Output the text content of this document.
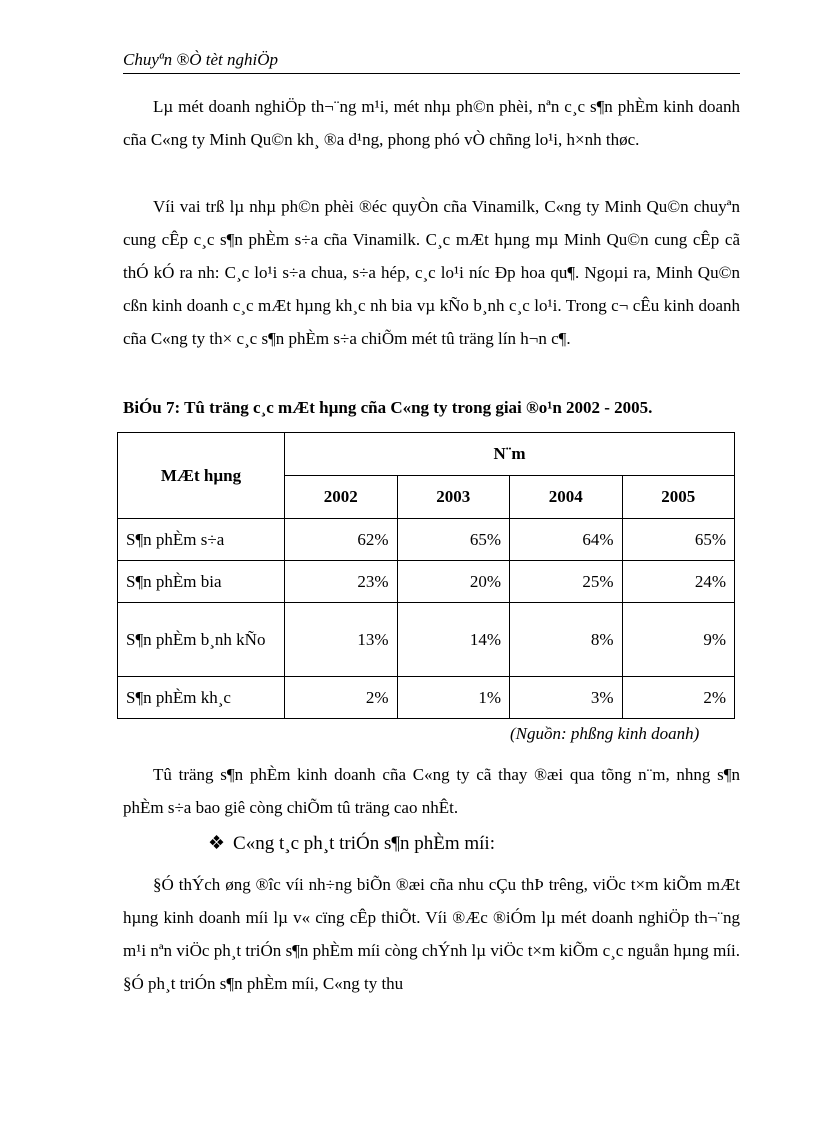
Chuyªn ®Ò tèt nghiÖp

Lµ mét doanh nghiÖp th¬¨ng m¹i, mét nhµ ph©n phèi, nªn c¸c s¶n phÈm kinh doanh cña C«ng ty Minh Qu©n kh¸ ®a d¹ng, phong phó vÒ chñng lo¹i, h×nh thøc.

Víi vai trß lµ nhµ ph©n phèi ®éc quyÒn cña Vinamilk, C«ng ty Minh Qu©n chuyªn cung cÊp c¸c s¶n phÈm s÷a cña Vinamilk. C¸c mÆt hµng mµ Minh Qu©n cung cÊp cã thÓ kÓ ra nh: C¸c lo¹i s÷a chua, s÷a hép, c¸c lo¹i níc Ðp hoa qu¶. Ngoµi ra, Minh Qu©n cßn kinh doanh c¸c mÆt hµng kh¸c nh bia vµ kÑo b¸nh c¸c lo¹i. Trong c¬ cÊu kinh doanh cña C«ng ty th× c¸c s¶n phÈm s÷a chiÕm mét tû träng lín h¬n c¶.

BiÓu 7: Tû träng c¸c mÆt hµng cña C«ng ty trong giai ®o¹n 2002 - 2005.
MÆt hµng	N¨m			
	2002	2003	2004	2005
S¶n phÈm s÷a	62%	65%	64%	65%
S¶n phÈm bia	23%	20%	25%	24%
S¶n phÈm b¸nh kÑo	13%	14%	8%	9%
S¶n phÈm kh¸c	2%	1%	3%	2%
(Nguồn: phßng kinh doanh)

Tû träng s¶n phÈm kinh doanh cña C«ng ty cã thay ®æi qua tõng n¨m, nhng s¶n phÈm s÷a bao giê còng chiÕm tû träng cao nhÊt.

❖ C«ng t¸c ph¸t triÓn s¶n phÈm míi:

§Ó thÝch øng ®îc víi nh÷ng biÕn ®æi cña nhu cÇu thÞ trêng, viÖc t×m kiÕm mÆt hµng kinh doanh míi lµ v« cïng cÊp thiÕt. Víi ®Æc ®iÓm lµ mét doanh nghiÖp th¬¨ng m¹i nªn viÖc ph¸t triÓn s¶n phÈm míi còng chÝnh lµ viÖc t×m kiÕm c¸c nguån hµng míi. §Ó ph¸t triÓn s¶n phÈm míi, C«ng ty thu
